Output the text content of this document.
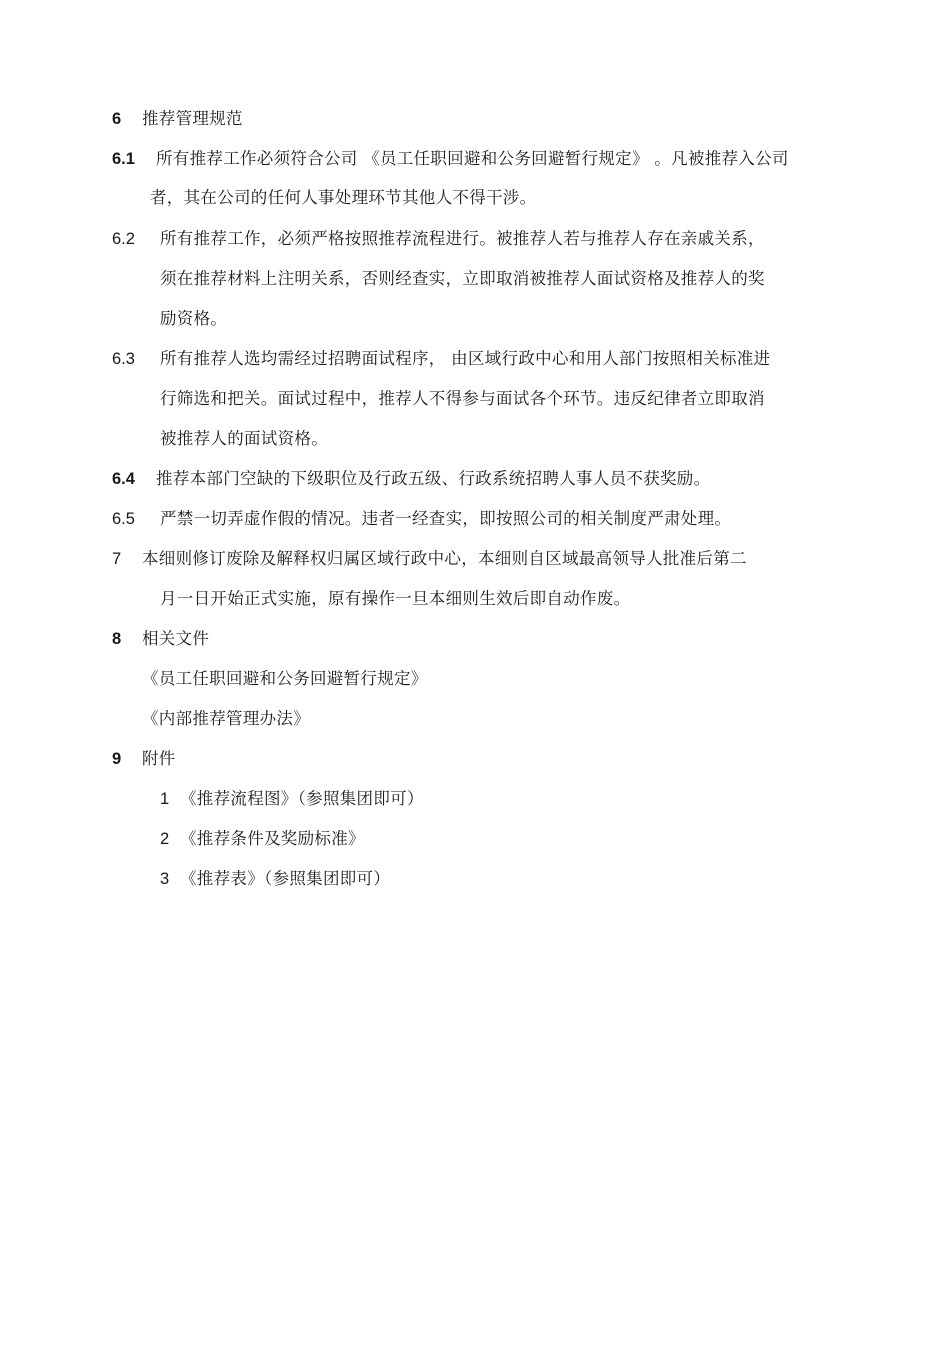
6 推荐管理规范
6.1 所有推荐工作必须符合公司 《员工任职回避和公务回避暂行规定》 。凡被推荐入公司
者，其在公司的任何人事处理环节其他人不得干涉。
6.2 所有推荐工作，必须严格按照推荐流程进行。被推荐人若与推荐人存在亲戚关系，
须在推荐材料上注明关系，否则经查实，立即取消被推荐人面试资格及推荐人的奖
励资格。
6.3 所有推荐人选均需经过招聘面试程序， 由区域行政中心和用人部门按照相关标准进
行筛选和把关。面试过程中，推荐人不得参与面试各个环节。违反纪律者立即取消
被推荐人的面试资格。
6.4 推荐本部门空缺的下级职位及行政五级、行政系统招聘人事人员不获奖励。
6.5 严禁一切弄虚作假的情况。违者一经查实，即按照公司的相关制度严肃处理。
7 本细则修订废除及解释权归属区域行政中心，本细则自区域最高领导人批准后第二
月一日开始正式实施，原有操作一旦本细则生效后即自动作废。
8 相关文件
《员工任职回避和公务回避暂行规定》
《内部推荐管理办法》
9 附件
1 《推荐流程图》（参照集团即可）
2 《推荐条件及奖励标准》
3 《推荐表》（参照集团即可）
